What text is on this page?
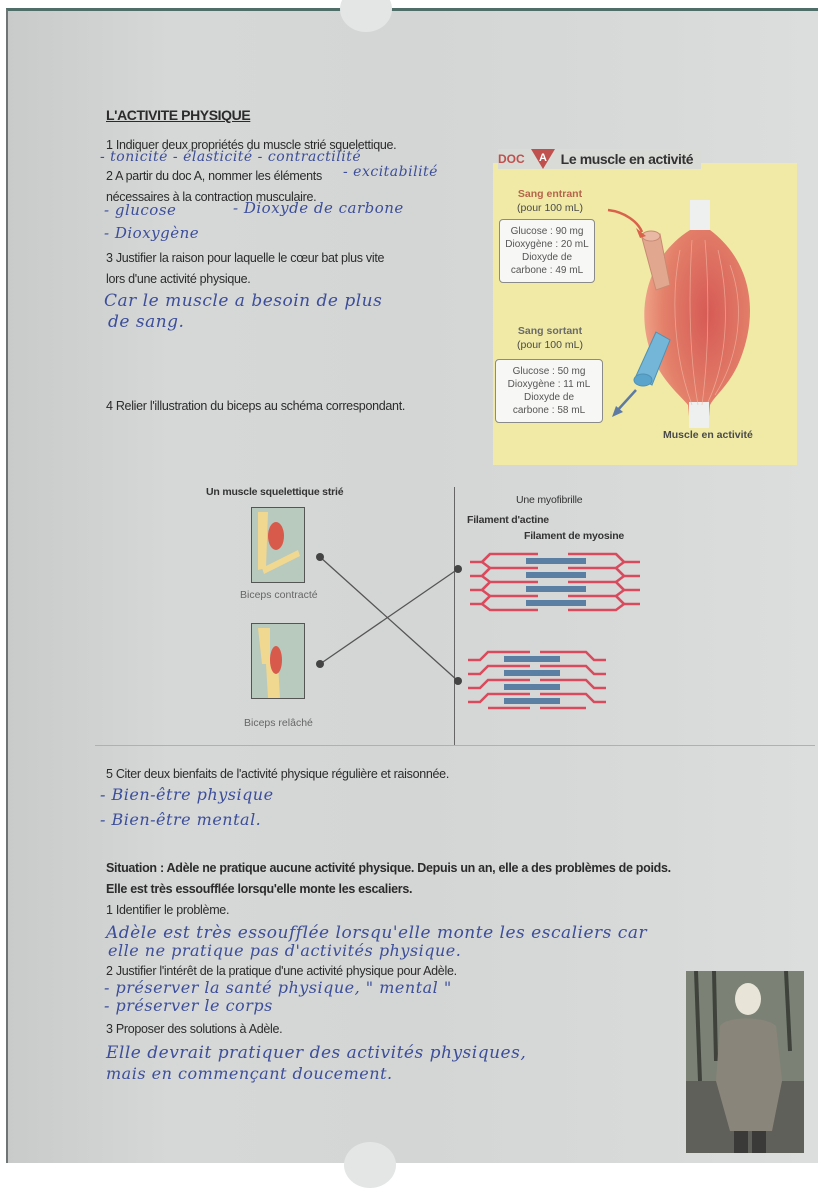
L'ACTIVITE PHYSIQUE
1 Indiquer deux propriétés du muscle strié squelettique.
- tonicité - élasticité - contractilité
- excitabilité
2 A partir du doc A, nommer les éléments
nécessaires à la contraction musculaire.
- glucose	- Dioxyde de carbone
- Dioxygène
3 Justifier la raison pour laquelle le cœur bat plus vite
lors d'une activité physique.
Car le muscle a besoin de plus
de sang.
4 Relier l'illustration du biceps au schéma correspondant.
DOC A Le muscle en activité
Sang entrant
(pour 100 mL)
Glucose : 90 mg
Dioxygène : 20 mL
Dioxyde de
carbone : 49 mL
Sang sortant
(pour 100 mL)
Glucose : 50 mg
Dioxygène : 11 mL
Dioxyde de
carbone : 58 mL
Muscle en activité
Un muscle squelettique strié
Une myofibrille
Filament d'actine
Filament de myosine
Biceps contracté
Biceps relâché
5 Citer deux bienfaits de l'activité physique régulière et raisonnée.
- Bien-être physique
- Bien-être mental.
Situation : Adèle ne pratique aucune activité physique. Depuis un an, elle a des problèmes de poids.
Elle est très essoufflée lorsqu'elle monte les escaliers.
1 Identifier le problème.
Adèle est très essoufflée lorsqu'elle monte les escaliers car
elle ne pratique pas d'activités physique.
2 Justifier l'intérêt de la pratique d'une activité physique pour Adèle.
- préserver la santé physique, " mental "
- préserver le corps
3 Proposer des solutions à Adèle.
Elle devrait pratiquer des activités physiques,
mais en commençant doucement.
